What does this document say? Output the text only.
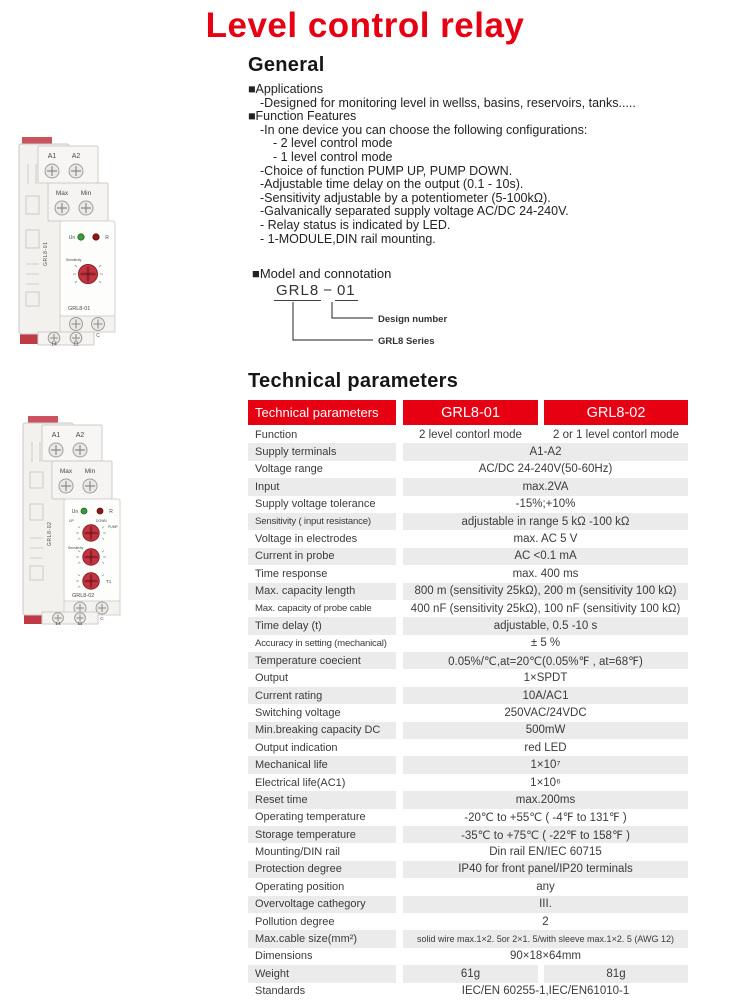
Level control relay
GRL8-01
A1 A2
Max Min
Un	R
Sensitivity
GRL8-01
C
14	11
GRL8-02
A1 A2
Max Min
Un	R
UP	DOWN
PUMP
Sensitivity
T1
GRL8-02
C
14	11
General
■Applications
-Designed for monitoring level in wellss, basins, reservoirs, tanks.....
■Function Features
-In one device you can choose the following configurations:
- 2 level control mode
- 1 level control mode
-Choice of function PUMP UP, PUMP DOWN.
-Adjustable time delay on the output (0.1 - 10s).
-Sensitivity adjustable by a potentiometer (5-100kΩ).
-Galvanically separated supply voltage AC/DC 24-240V.
- Relay status is indicated by LED.
- 1-MODULE,DIN rail mounting.
■Model and connotation
GRL8 − 01
Design number
GRL8 Series
Technical parameters
Technical parameters	GRL8-01	GRL8-02
Function	2 level contorl mode	2 or 1 level contorl mode
Supply terminals	A1-A2
Voltage range	AC/DC 24-240V(50-60Hz)
Input	max.2VA
Supply voltage tolerance	-15%;+10%
Sensitivity ( input resistance)	adjustable in range 5 kΩ -100 kΩ
Voltage in electrodes	max. AC 5 V
Current in probe	AC <0.1 mA
Time response	max. 400 ms
Max. capacity length	800 m (sensitivity 25kΩ), 200 m (sensitivity 100 kΩ)
Max. capacity of probe cable	400 nF (sensitivity 25kΩ), 100 nF (sensitivity 100 kΩ)
Time delay (t)	adjustable, 0.5 -10 s
Accuracy in setting (mechanical)	± 5 %
Temperature coecient	0.05%/℃,at=20℃(0.05%℉ , at=68℉)
Output	1×SPDT
Current rating	10A/AC1
Switching voltage	250VAC/24VDC
Min.breaking capacity DC	500mW
Output indication	red LED
Mechanical life	1×10⁷
Electrical life(AC1)	1×10⁶
Reset time	max.200ms
Operating temperature	-20℃ to +55℃ ( -4℉ to 131℉ )
Storage temperature	-35℃ to +75℃ ( -22℉ to 158℉ )
Mounting/DIN rail	Din rail EN/IEC 60715
Protection degree	IP40 for front panel/IP20 terminals
Operating position	any
Overvoltage cathegory	III.
Pollution degree	2
Max.cable size(mm²)	solid wire max.1×2. 5or 2×1. 5/with sleeve max.1×2. 5 (AWG 12)
Dimensions	90×18×64mm
Weight	61g	81g
Standards	IEC/EN 60255-1,IEC/EN61010-1
